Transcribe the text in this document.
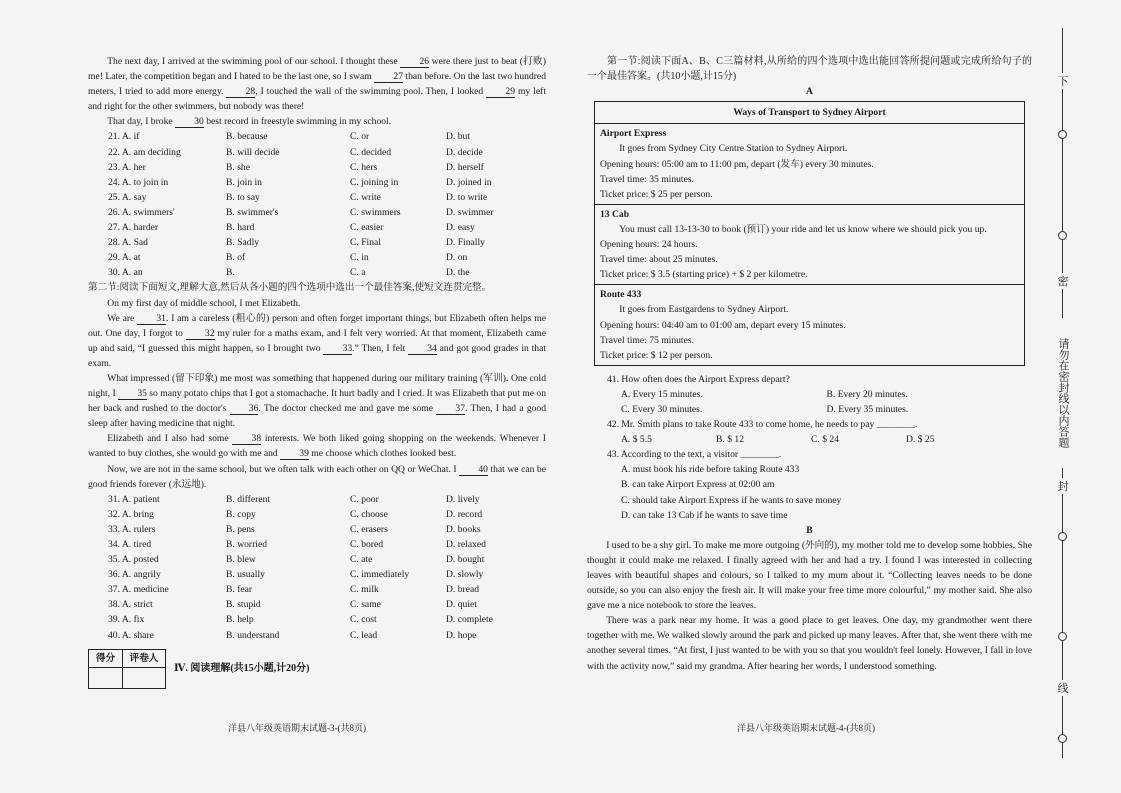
The next day, I arrived at the swimming pool of our school. I thought these 26 were there just to beat (打败) me! Later, the competition began and I hated to be the last one, so I swam 27 than before. On the last two hundred meters, I tried to add more energy. 28, I touched the wall of the swimming pool. Then, I looked 29 my left and right for the other swimmers, but nobody was there!

That day, I broke 30 best record in freestyle swimming in my school.

21. A. if	B. because	C. or	D. but
22. A. am deciding	B. will decide	C. decided	D. decide
23. A. her	B. she	C. hers	D. herself
24. A. to join in	B. join in	C. joining in	D. joined in
25. A. say	B. to say	C. write	D. to write
26. A. swimmers'	B. swimmer's	C. swimmers	D. swimmer
27. A. harder	B. hard	C. easier	D. easy
28. A. Sad	B. Sadly	C. Final	D. Finally
29. A. at	B. of	C. in	D. on
30. A. an	B.	C. a	D. the

第二节:阅读下面短文,理解大意,然后从各小题的四个选项中选出一个最佳答案,使短文连贯完整。

On my first day of middle school, I met Elizabeth.

We are 31. I am a careless (粗心的) person and often forget important things, but Elizabeth often helps me out. One day, I forgot to 32 my ruler for a maths exam, and I felt very worried. At that moment, Elizabeth came up and said, “I guessed this might happen, so I brought two 33.” Then, I felt 34 and got good grades in that exam.

What impressed (留下印象) me most was something that happened during our military training (军训). One cold night, I 35 so many potato chips that I got a stomachache. It hurt badly and I cried. It was Elizabeth that put me on her back and rushed to the doctor's 36. The doctor checked me and gave me some 37. Then, I had a good sleep after having medicine that night.

Elizabeth and I also had some 38 interests. We both liked going shopping on the weekends. Whenever I wanted to buy clothes, she would go with me and 39 me choose which clothes looked best.

Now, we are not in the same school, but we often talk with each other on QQ or WeChat. I 40 that we can be good friends forever (永远地).

31. A. patient	B. different	C. poor	D. lively
32. A. bring	B. copy	C. choose	D. record
33. A. rulers	B. pens	C. erasers	D. books
34. A. tired	B. worried	C. bored	D. relaxed
35. A. posted	B. blew	C. ate	D. bought
36. A. angrily	B. usually	C. immediately	D. slowly
37. A. medicine	B. fear	C. milk	D. bread
38. A. strict	B. stupid	C. same	D. quiet
39. A. fix	B. help	C. cost	D. complete
40. A. share	B. understand	C. lead	D. hope
得分	评卷人
Ⅳ. 阅读理解(共15小题,计20分)
洋县八年级英语期末试题-3-(共8页)

第一节:阅读下面A、B、C三篇材料,从所给的四个选项中选出能回答所提问题或完成所给句子的一个最佳答案。(共10小题,计15分)

A
Ways of Transport to Sydney Airport
Airport Express
It goes from Sydney City Centre Station to Sydney Airport.
Opening hours: 05:00 am to 11:00 pm, depart (发车) every 30 minutes.
Travel time: 35 minutes.
Ticket price: $ 25 per person.
13 Cab
You must call 13-13-30 to book (预订) your ride and let us know where we should pick you up.
Opening hours: 24 hours.
Travel time: about 25 minutes.
Ticket price: $ 3.5 (starting price) + $ 2 per kilometre.
Route 433
It goes from Eastgardens to Sydney Airport.
Opening hours: 04:40 am to 01:00 am, depart every 15 minutes.
Travel time: 75 minutes.
Ticket price: $ 12 per person.
41. How often does the Airport Express depart?
A. Every 15 minutes.	B. Every 20 minutes.
C. Every 30 minutes.	D. Every 35 minutes.
42. Mr. Smith plans to take Route 433 to come home, he needs to pay ________.
A. $ 5.5	B. $ 12	C. $ 24	D. $ 25
43. According to the text, a visitor ________.
A. must book his ride before taking Route 433
B. can take Airport Express at 02:00 am
C. should take Airport Express if he wants to save money
D. can take 13 Cab if he wants to save time
B

I used to be a shy girl. To make me more outgoing (外向的), my mother told me to develop some hobbies. She thought it could make me relaxed. I finally agreed with her and had a try. I found I was interested in collecting leaves with beautiful shapes and colours, so I talked to my mum about it. “Collecting leaves needs to be done outside, so you can also enjoy the fresh air. It will make your free time more colourful,” my mother said. She also gave me a nice notebook to store the leaves.

There was a park near my home. It was a good place to get leaves. One day, my grandmother went there together with me. We walked slowly around the park and picked up many leaves. After that, she went there with me another several times. “At first, I just wanted to be with you so that you wouldn't feel lonely. However, I fall in love with the activity now,” said my grandma. After hearing her words, I understood something.

洋县八年级英语期末试题-4-(共8页)
下
密
请勿在密封线以内答题
封
线
